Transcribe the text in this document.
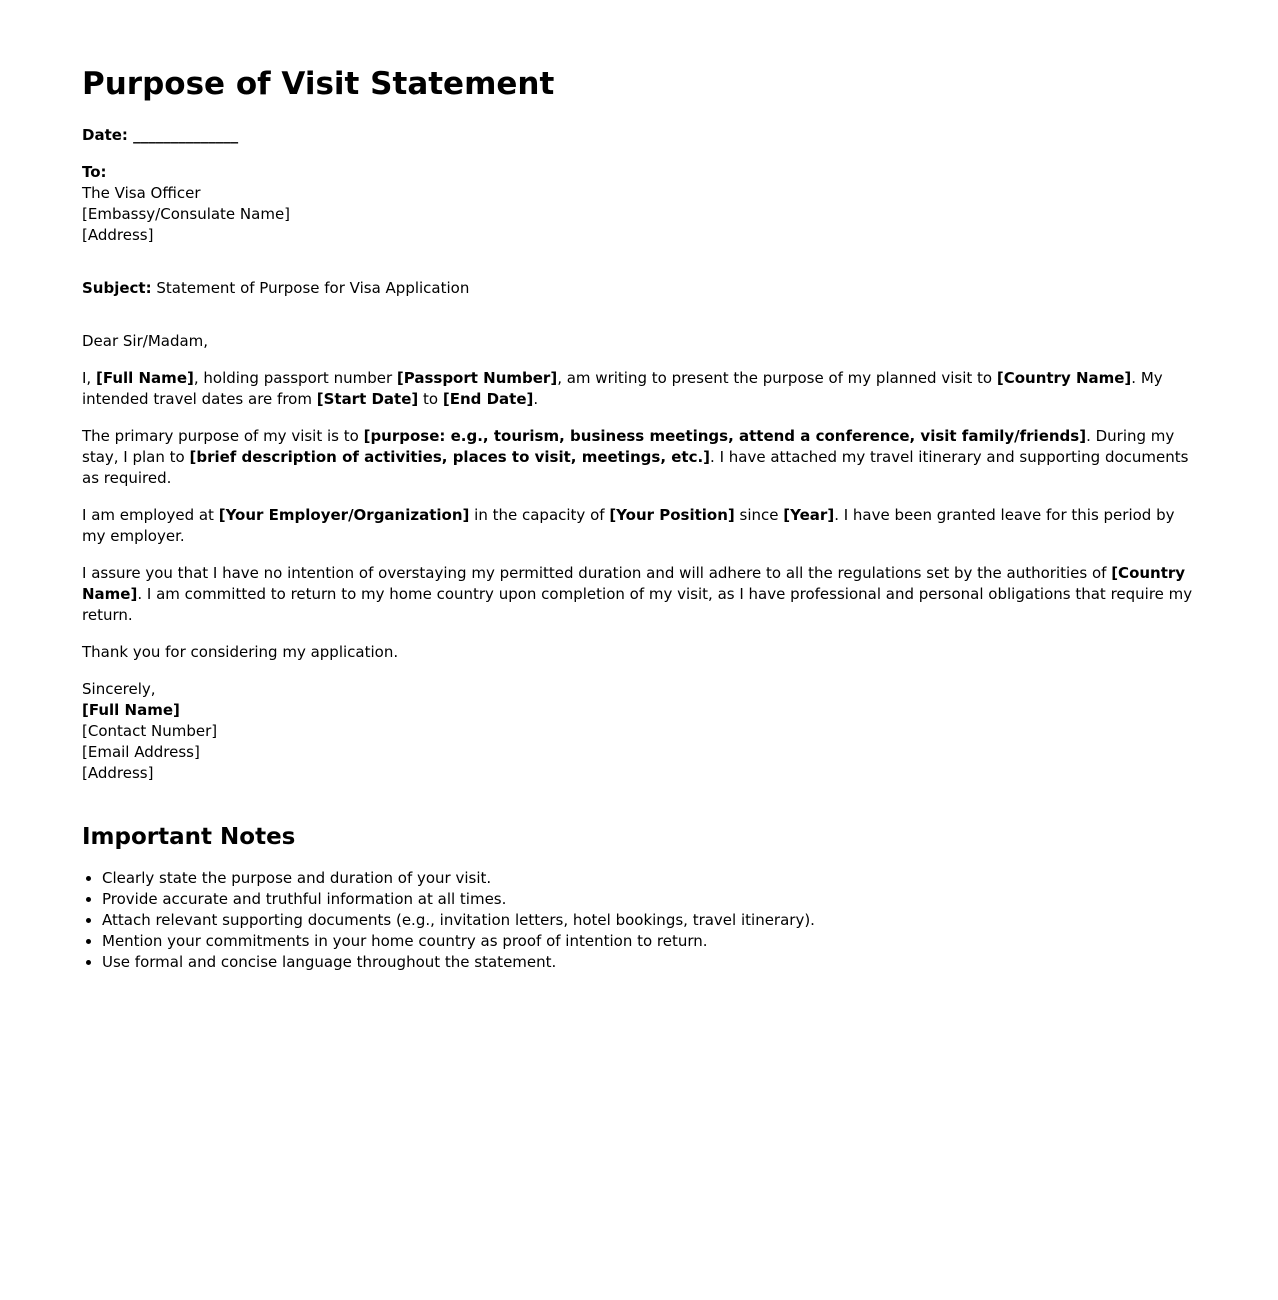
Purpose of Visit Statement
Date: ______________
To:
The Visa Officer
[Embassy/Consulate Name]
[Address]
Subject: Statement of Purpose for Visa Application

Dear Sir/Madam,

I, [Full Name], holding passport number [Passport Number], am writing to present the purpose of my planned visit to [Country Name]. My intended travel dates are from [Start Date] to [End Date].

The primary purpose of my visit is to [purpose: e.g., tourism, business meetings, attend a conference, visit family/friends]. During my stay, I plan to [brief description of activities, places to visit, meetings, etc.]. I have attached my travel itinerary and supporting documents as required.

I am employed at [Your Employer/Organization] in the capacity of [Your Position] since [Year]. I have been granted leave for this period by my employer.

I assure you that I have no intention of overstaying my permitted duration and will adhere to all the regulations set by the authorities of [Country Name]. I am committed to return to my home country upon completion of my visit, as I have professional and personal obligations that require my return.

Thank you for considering my application.

Sincerely,
[Full Name]
[Contact Number]
[Email Address]
[Address]
Important Notes
• Clearly state the purpose and duration of your visit.
• Provide accurate and truthful information at all times.
• Attach relevant supporting documents (e.g., invitation letters, hotel bookings, travel itinerary).
• Mention your commitments in your home country as proof of intention to return.
• Use formal and concise language throughout the statement.
